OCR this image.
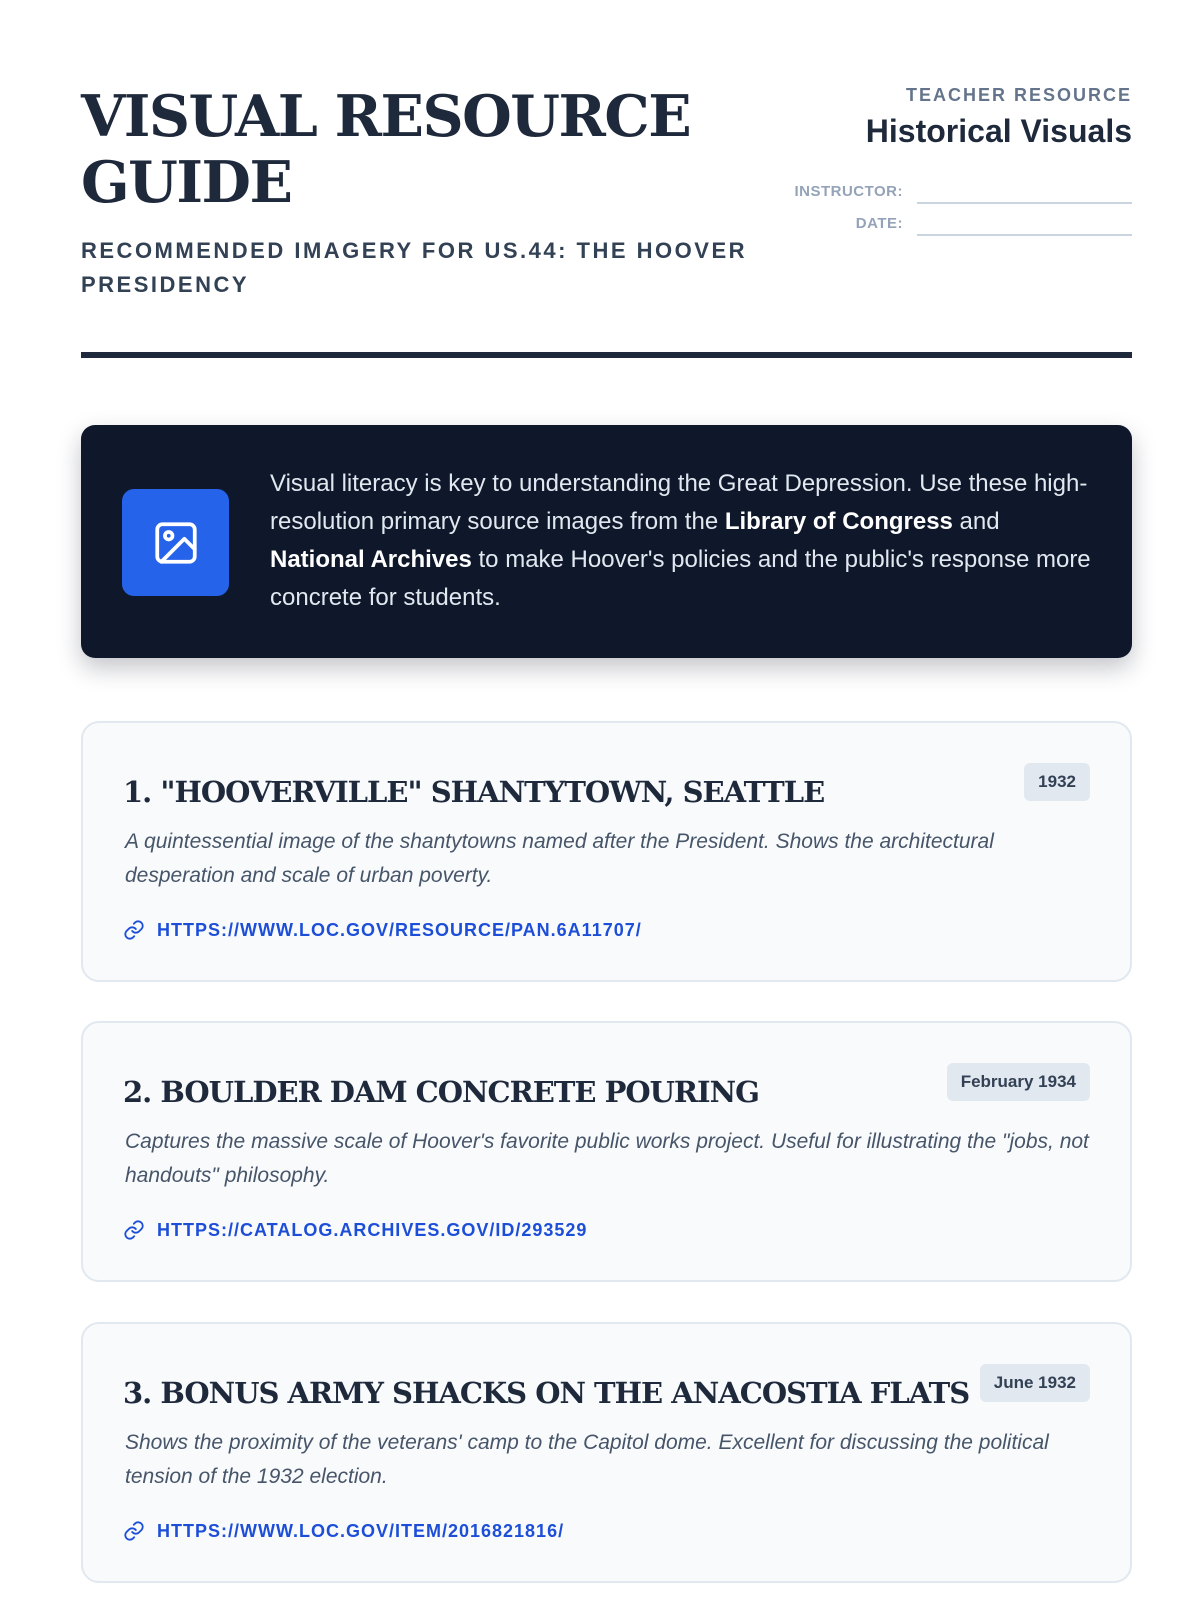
VISUAL RESOURCE
GUIDE
RECOMMENDED IMAGERY FOR US.44: THE HOOVER
PRESIDENCY
TEACHER RESOURCE
Historical Visuals
INSTRUCTOR:
DATE:

Visual literacy is key to understanding the Great Depression. Use these high-resolution primary source images from the Library of Congress and National Archives to make Hoover's policies and the public's response more concrete for students.

1. "HOOVERVILLE" SHANTYTOWN, SEATTLE	1932

A quintessential image of the shantytowns named after the President. Shows the architectural desperation and scale of urban poverty.

HTTPS://WWW.LOC.GOV/RESOURCE/PAN.6A11707/
2. BOULDER DAM CONCRETE POURING	February 1934

Captures the massive scale of Hoover's favorite public works project. Useful for illustrating the "jobs, not handouts" philosophy.

HTTPS://CATALOG.ARCHIVES.GOV/ID/293529
3. BONUS ARMY SHACKS ON THE ANACOSTIA FLATS	June 1932

Shows the proximity of the veterans' camp to the Capitol dome. Excellent for discussing the political tension of the 1932 election.

HTTPS://WWW.LOC.GOV/ITEM/2016821816/
